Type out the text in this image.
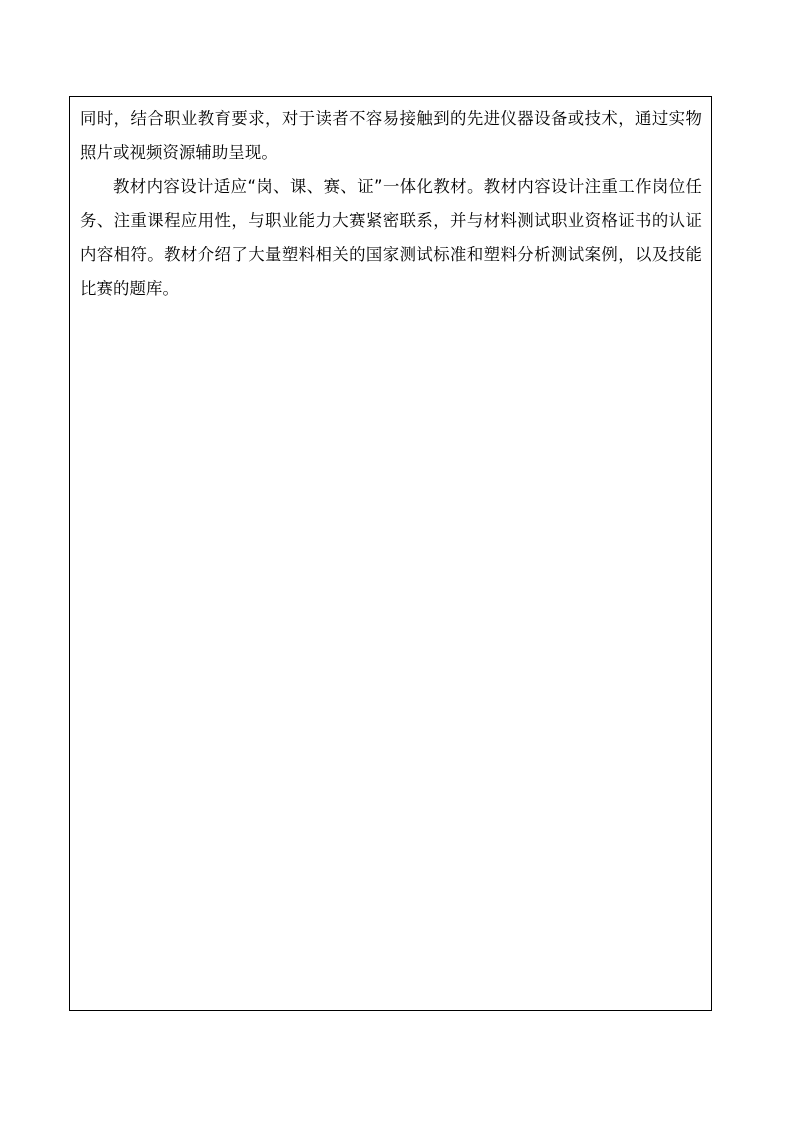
同时，结合职业教育要求，对于读者不容易接触到的先进仪器设备或技术，通过实物照片或视频资源辅助呈现。

教材内容设计适应“岗、课、赛、证”一体化教材。教材内容设计注重工作岗位任务、注重课程应用性，与职业能力大赛紧密联系，并与材料测试职业资格证书的认证内容相符。教材介绍了大量塑料相关的国家测试标准和塑料分析测试案例，以及技能比赛的题库。
